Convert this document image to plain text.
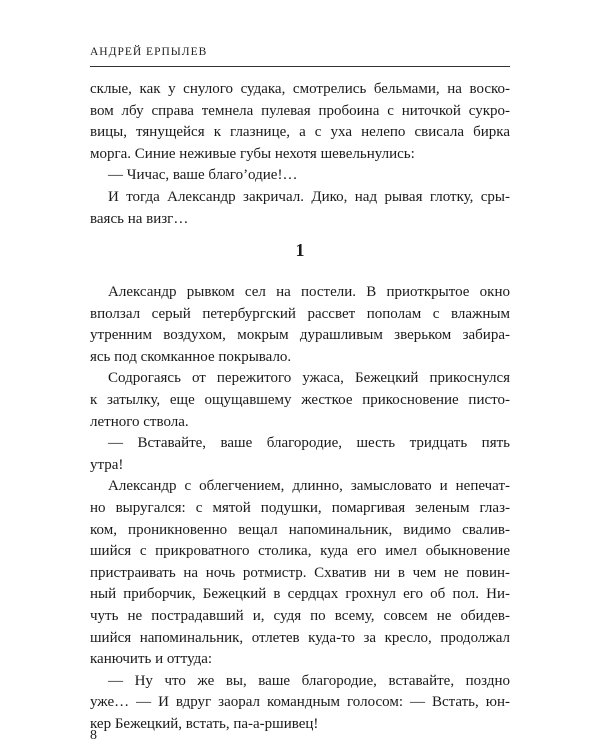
АНДРЕЙ ЕРПЫЛЕВ
склые, как у снулого судака, смотрелись бельмами, на воско-
вом лбу справа темнела пулевая пробоина с ниточкой сукро-
вицы, тянущейся к глазнице, а с уха нелепо свисала бирка
морга. Синие неживые губы нехотя шевельнулись:
— Чичас, ваше благо’одие!…
И тогда Александр закричал. Дико, над рывая глотку, сры-
ваясь на визг…
1
Александр рывком сел на постели. В приоткрытое окно
вползал серый петербургский рассвет пополам с влажным
утренним воздухом, мокрым дурашливым зверьком забира-
ясь под скомканное покрывало.
Содрогаясь от пережитого ужаса, Бежецкий прикоснулся
к затылку, еще ощущавшему жесткое прикосновение писто-
летного ствола.
— Вставайте, ваше благородие, шесть тридцать пять
утра!
Александр с облегчением, длинно, замысловато и непечат-
но выругался: с мятой подушки, помаргивая зеленым глаз-
ком, проникновенно вещал напоминальник, видимо свалив-
шийся с прикроватного столика, куда его имел обыкновение
пристраивать на ночь ротмистр. Схватив ни в чем не повин-
ный приборчик, Бежецкий в сердцах грохнул его об пол. Ни-
чуть не пострадавший и, судя по всему, совсем не обидев-
шийся напоминальник, отлетев куда-то за кресло, продолжал
канючить и оттуда:
— Ну что же вы, ваше благородие, вставайте, поздно
уже… — И вдруг заорал командным голосом: — Встать, юн-
кер Бежецкий, встать, па-а-ршивец!
8
